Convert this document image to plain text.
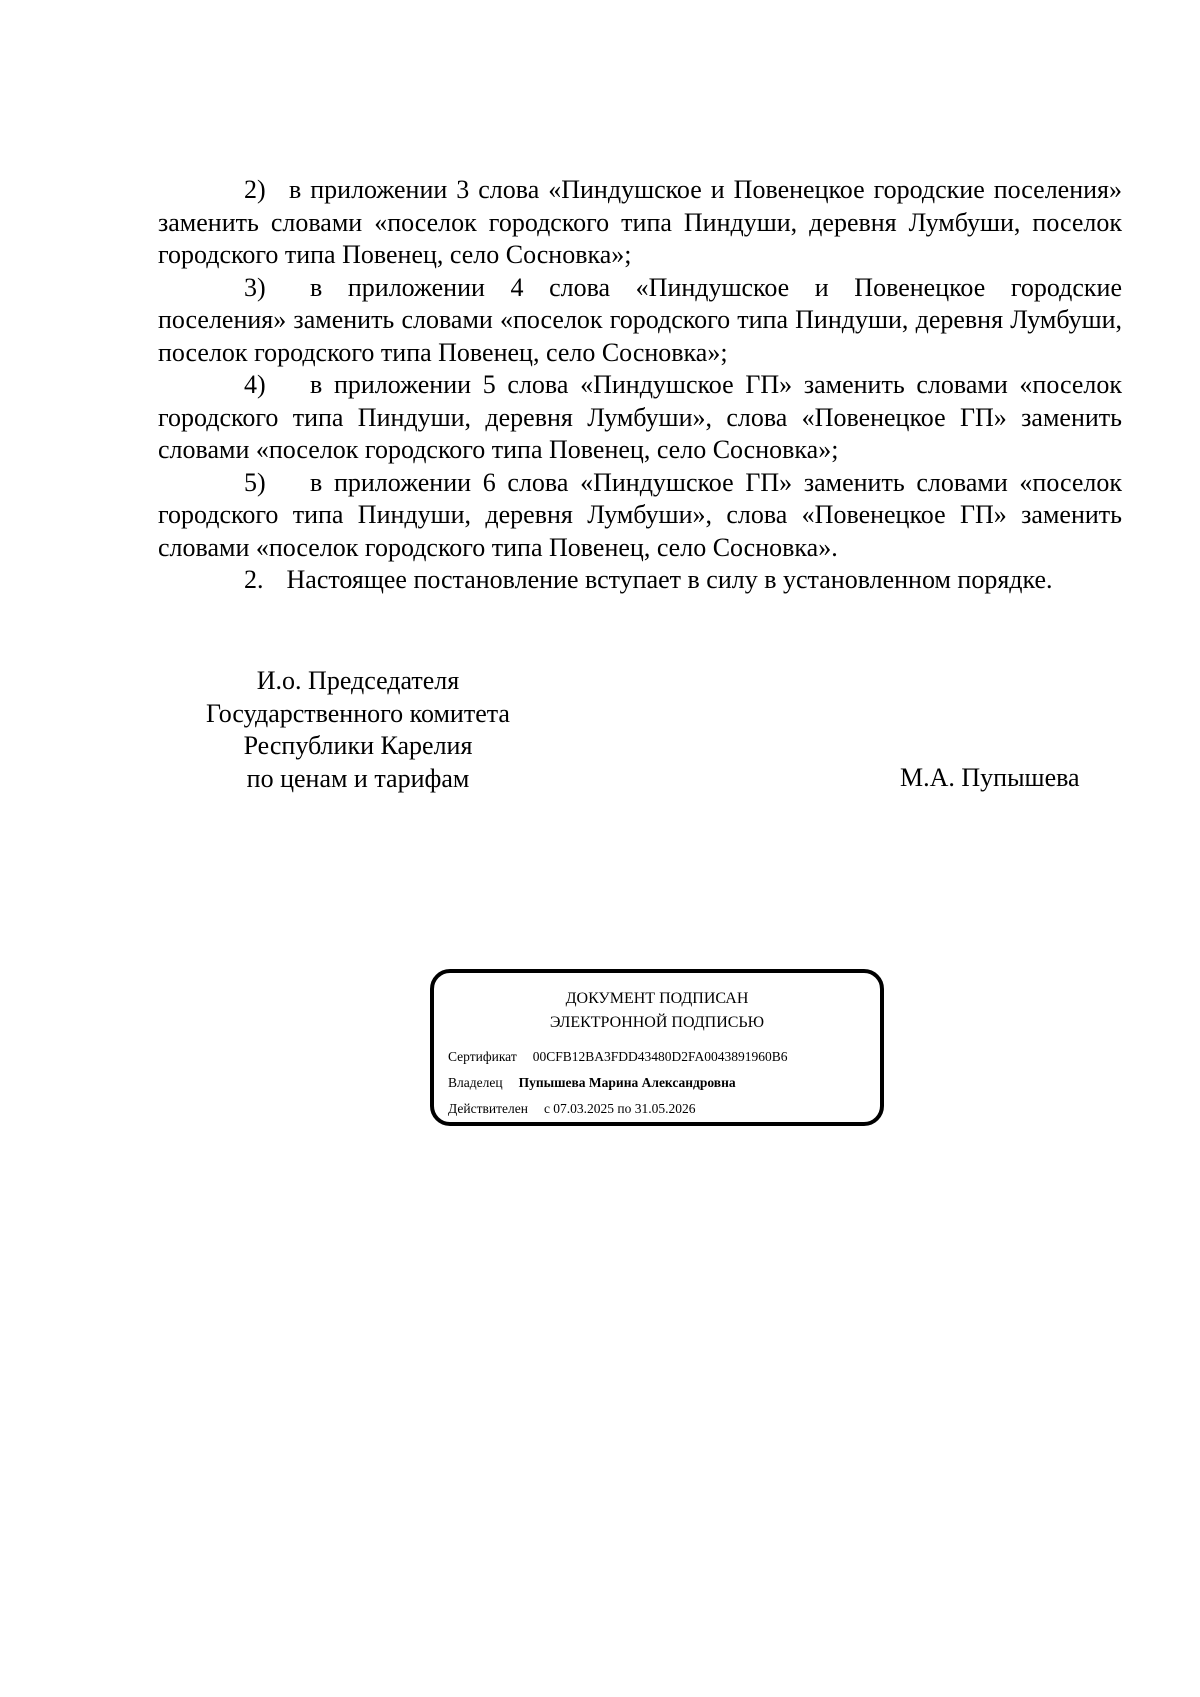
2) в приложении 3 слова «Пиндушское и Повенецкое городские поселения» заменить словами «поселок городского типа Пиндуши, деревня Лумбуши, поселок городского типа Повенец, село Сосновка»;

3) в приложении 4 слова «Пиндушское и Повенецкое городские поселения» заменить словами «поселок городского типа Пиндуши, деревня Лумбуши, поселок городского типа Повенец, село Сосновка»;

4) в приложении 5 слова «Пиндушское ГП» заменить словами «поселок городского типа Пиндуши, деревня Лумбуши», слова «Повенецкое ГП» заменить словами «поселок городского типа Повенец, село Сосновка»;

5) в приложении 6 слова «Пиндушское ГП» заменить словами «поселок городского типа Пиндуши, деревня Лумбуши», слова «Повенецкое ГП» заменить словами «поселок городского типа Повенец, село Сосновка».

2. Настоящее постановление вступает в силу в установленном порядке.

И.о. Председателя
Государственного комитета
Республики Карелия
по ценам и тарифам	М.А. Пупышева
ДОКУМЕНТ ПОДПИСАН
ЭЛЕКТРОННОЙ ПОДПИСЬЮ
Сертификат 00CFB12BA3FDD43480D2FA0043891960B6
Владелец Пупышева Марина Александровна
Действителен с 07.03.2025 по 31.05.2026
